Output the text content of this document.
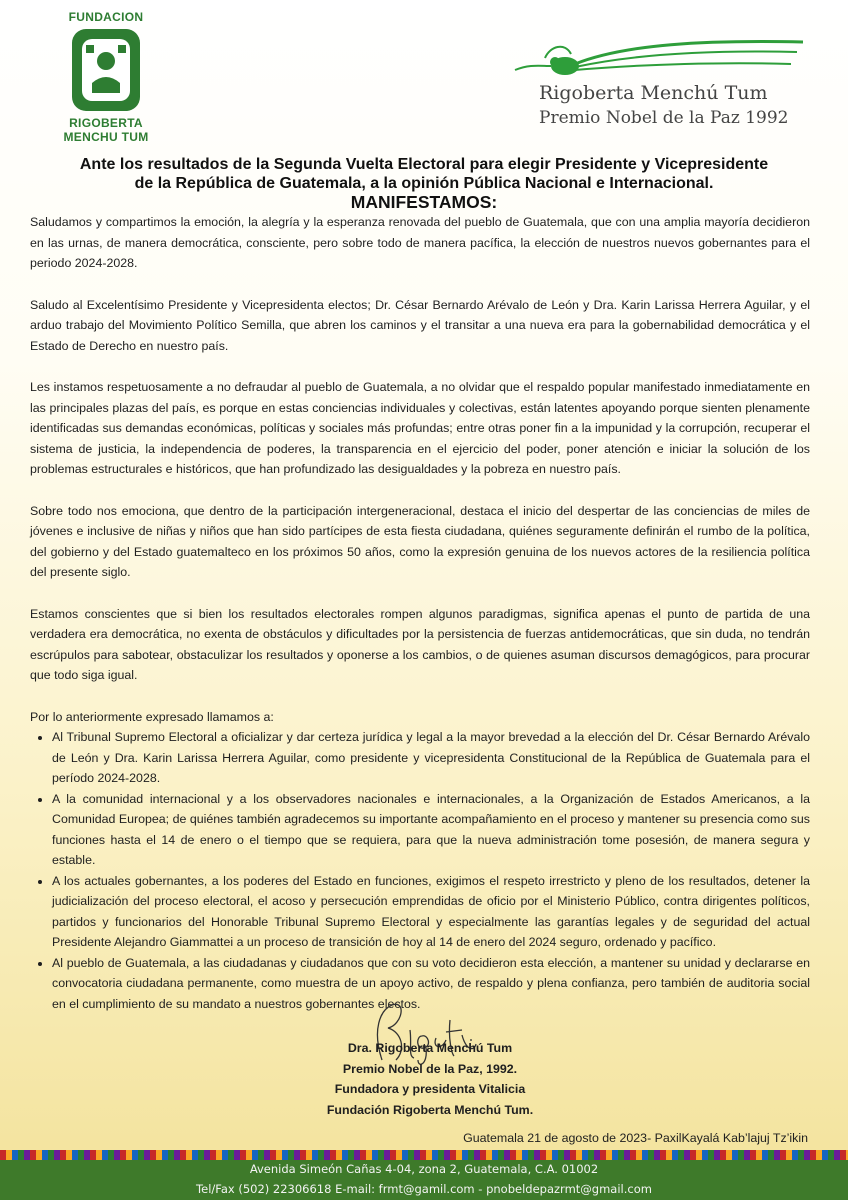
FUNDACION
RIGOBERTA
MENCHU TUM
Rigoberta Menchú Tum
Premio Nobel de la Paz 1992
Ante los resultados de la Segunda Vuelta Electoral para elegir Presidente y Vicepresidente
de la República de Guatemala, a la opinión Pública Nacional e Internacional.
MANIFESTAMOS:

Saludamos y compartimos la emoción, la alegría y la esperanza renovada del pueblo de Guatemala, que con una amplia mayoría decidieron en las urnas, de manera democrática, consciente, pero sobre todo de manera pacífica, la elección de nuestros nuevos gobernantes para el periodo 2024-2028.

Saludo al Excelentísimo Presidente y Vicepresidenta electos; Dr. César Bernardo Arévalo de León y Dra. Karin Larissa Herrera Aguilar, y el arduo trabajo del Movimiento Político Semilla, que abren los caminos y el transitar a una nueva era para la gobernabilidad democrática y el Estado de Derecho en nuestro país.

Les instamos respetuosamente a no defraudar al pueblo de Guatemala, a no olvidar que el respaldo popular manifestado inmediatamente en las principales plazas del país, es porque en estas conciencias individuales y colectivas, están latentes apoyando porque sienten plenamente identificadas sus demandas económicas, políticas y sociales más profundas; entre otras poner fin a la impunidad y la corrupción, recuperar el sistema de justicia, la independencia de poderes, la transparencia en el ejercicio del poder, poner atención e iniciar la solución de los problemas estructurales e históricos, que han profundizado las desigualdades y la pobreza en nuestro país.

Sobre todo nos emociona, que dentro de la participación intergeneracional, destaca el inicio del despertar de las conciencias de miles de jóvenes e inclusive de niñas y niños que han sido partícipes de esta fiesta ciudadana, quiénes seguramente definirán el rumbo de la política, del gobierno y del Estado guatemalteco en los próximos 50 años, como la expresión genuina de los nuevos actores de la resiliencia política del presente siglo.

Estamos conscientes que si bien los resultados electorales rompen algunos paradigmas, significa apenas el punto de partida de una verdadera era democrática, no exenta de obstáculos y dificultades por la persistencia de fuerzas antidemocráticas, que sin duda, no tendrán escrúpulos para sabotear, obstaculizar los resultados y oponerse a los cambios, o de quienes asuman discursos demagógicos, para procurar que todo siga igual.

Por lo anteriormente expresado llamamos a:

• Al Tribunal Supremo Electoral a oficializar y dar certeza jurídica y legal a la mayor brevedad a la elección del Dr. César Bernardo Arévalo de León y Dra. Karin Larissa Herrera Aguilar, como presidente y vicepresidenta Constitucional de la República de Guatemala para el período 2024-2028.
• A la comunidad internacional y a los observadores nacionales e internacionales, a la Organización de Estados Americanos, a la Comunidad Europea; de quiénes también agradecemos su importante acompañamiento en el proceso y mantener su presencia como sus funciones hasta el 14 de enero o el tiempo que se requiera, para que la nueva administración tome posesión, de manera segura y estable.
• A los actuales gobernantes, a los poderes del Estado en funciones, exigimos el respeto irrestricto y pleno de los resultados, detener la judicialización del proceso electoral, el acoso y persecución emprendidas de oficio por el Ministerio Público, contra dirigentes políticos, partidos y funcionarios del Honorable Tribunal Supremo Electoral y especialmente las garantías legales y de seguridad del actual Presidente Alejandro Giammattei a un proceso de transición de hoy al 14 de enero del 2024 seguro, ordenado y pacífico.
• Al pueblo de Guatemala, a las ciudadanas y ciudadanos que con su voto decidieron esta elección, a mantener su unidad y declararse en convocatoria ciudadana permanente, como muestra de un apoyo activo, de respaldo y plena confianza, pero también de auditoria social en el cumplimiento de su mandato a nuestros gobernantes electos.
Dra. Rigoberta Menchú Tum
Premio Nobel de la Paz, 1992.
Fundadora y presidenta Vitalicia
Fundación Rigoberta Menchú Tum.
Guatemala 21 de agosto de 2023- PaxilKayalá Kab’lajuj Tz’ikin
Avenida Simeón Cañas 4-04, zona 2, Guatemala, C.A. 01002
Tel/Fax (502) 22306618 E-mail: frmt@gamil.com - pnobeldepazrmt@gmail.com
